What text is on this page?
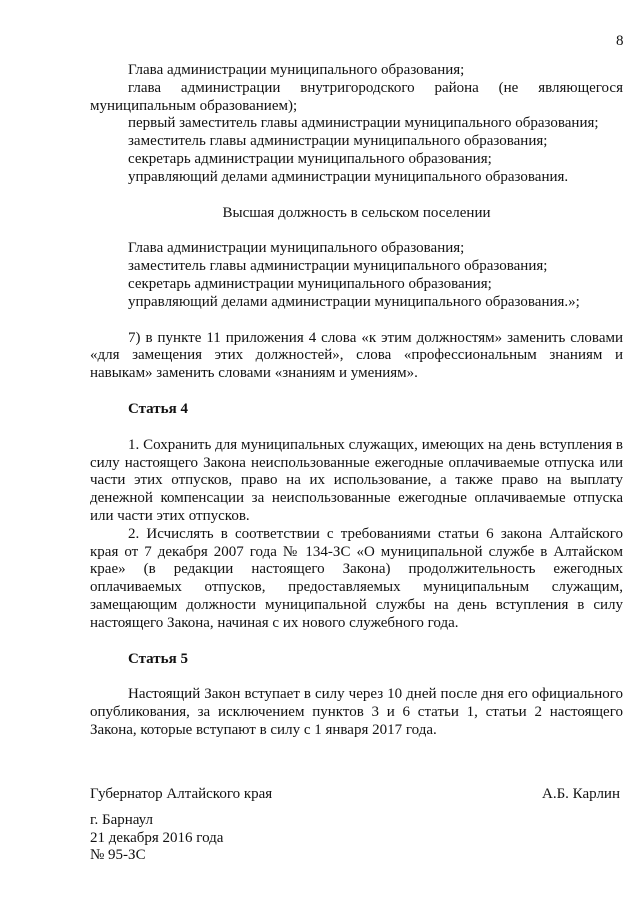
8

Глава администрации муниципального образования;

глава администрации внутригородского района (не являющегося муниципальным образованием);

первый заместитель главы администрации муниципального образования;

заместитель главы администрации муниципального образования;

секретарь администрации муниципального образования;

управляющий делами администрации муниципального образования.

Высшая должность в сельском поселении

Глава администрации муниципального образования;

заместитель главы администрации муниципального образования;

секретарь администрации муниципального образования;

управляющий делами администрации муниципального образования.»;

7) в пункте 11 приложения 4 слова «к этим должностям» заменить словами «для замещения этих должностей», слова «профессиональным знаниям и навыкам» заменить словами «знаниям и умениям».

Статья 4

1. Сохранить для муниципальных служащих, имеющих на день вступления в силу настоящего Закона неиспользованные ежегодные оплачиваемые отпуска или части этих отпусков, право на их использование, а также право на выплату денежной компенсации за неиспользованные ежегодные оплачиваемые отпуска или части этих отпусков.

2. Исчислять в соответствии с требованиями статьи 6 закона Алтайского края от 7 декабря 2007 года № 134-ЗС «О муниципальной службе в Алтайском крае» (в редакции настоящего Закона) продолжительность ежегодных оплачиваемых отпусков, предоставляемых муниципальным служащим, замещающим должности муниципальной службы на день вступления в силу настоящего Закона, начиная с их нового служебного года.

Статья 5

Настоящий Закон вступает в силу через 10 дней после дня его официального опубликования, за исключением пунктов 3 и 6 статьи 1, статьи 2 настоящего Закона, которые вступают в силу с 1 января 2017 года.

Губернатор Алтайского края	А.Б. Карлин
г. Барнаул
21 декабря 2016 года
№ 95-ЗС
